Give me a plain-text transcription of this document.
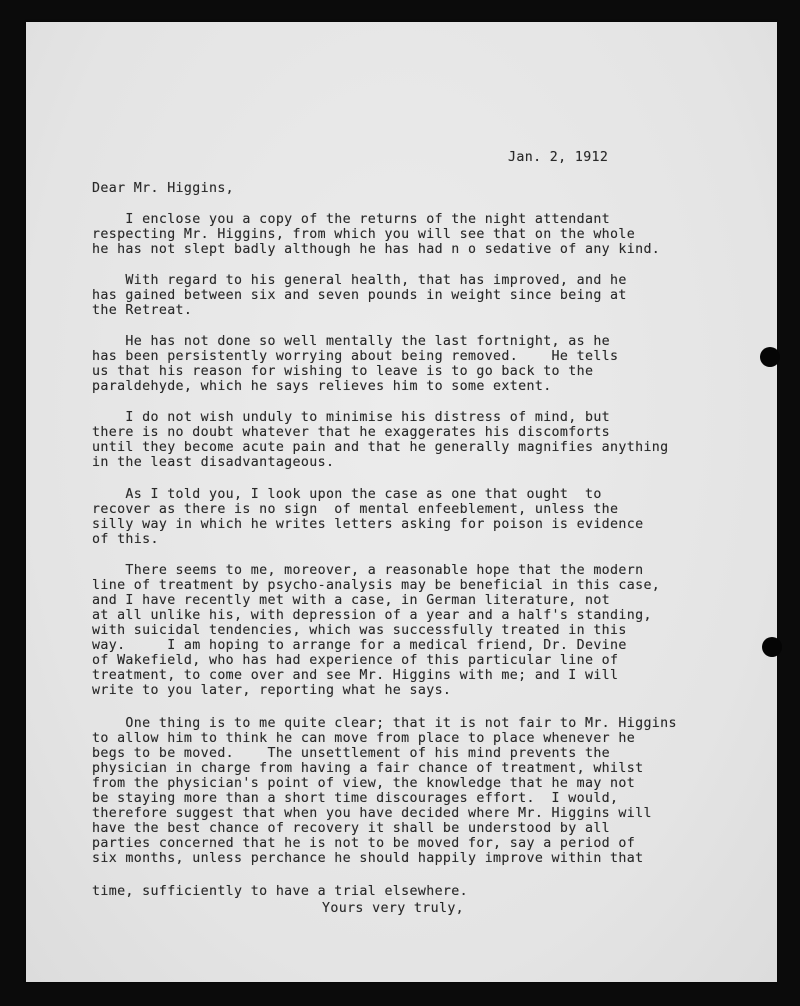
Jan. 2, 1912
Dear Mr. Higgins,
I enclose you a copy of the returns of the night attendant
respecting Mr. Higgins, from which you will see that on the whole
he has not slept badly although he has had n o sedative of any kind.
With regard to his general health, that has improved, and he
has gained between six and seven pounds in weight since being at
the Retreat.
He has not done so well mentally the last fortnight, as he
has been persistently worrying about being removed.    He tells
us that his reason for wishing to leave is to go back to the
paraldehyde, which he says relieves him to some extent.
I do not wish unduly to minimise his distress of mind, but
there is no doubt whatever that he exaggerates his discomforts
until they become acute pain and that he generally magnifies anything
in the least disadvantageous.
As I told you, I look upon the case as one that ought  to
recover as there is no sign  of mental enfeeblement, unless the
silly way in which he writes letters asking for poison is evidence
of this.
There seems to me, moreover, a reasonable hope that the modern
line of treatment by psycho-analysis may be beneficial in this case,
and I have recently met with a case, in German literature, not
at all unlike his, with depression of a year and a half's standing,
with suicidal tendencies, which was successfully treated in this
way.     I am hoping to arrange for a medical friend, Dr. Devine
of Wakefield, who has had experience of this particular line of
treatment, to come over and see Mr. Higgins with me; and I will
write to you later, reporting what he says.
One thing is to me quite clear; that it is not fair to Mr. Higgins
to allow him to think he can move from place to place whenever he
begs to be moved.    The unsettlement of his mind prevents the
physician in charge from having a fair chance of treatment, whilst
from the physician's point of view, the knowledge that he may not
be staying more than a short time discourages effort.  I would,
therefore suggest that when you have decided where Mr. Higgins will
have the best chance of recovery it shall be understood by all
parties concerned that he is not to be moved for, say a period of
six months, unless perchance he should happily improve within that
time, sufficiently to have a trial elsewhere.
Yours very truly,
